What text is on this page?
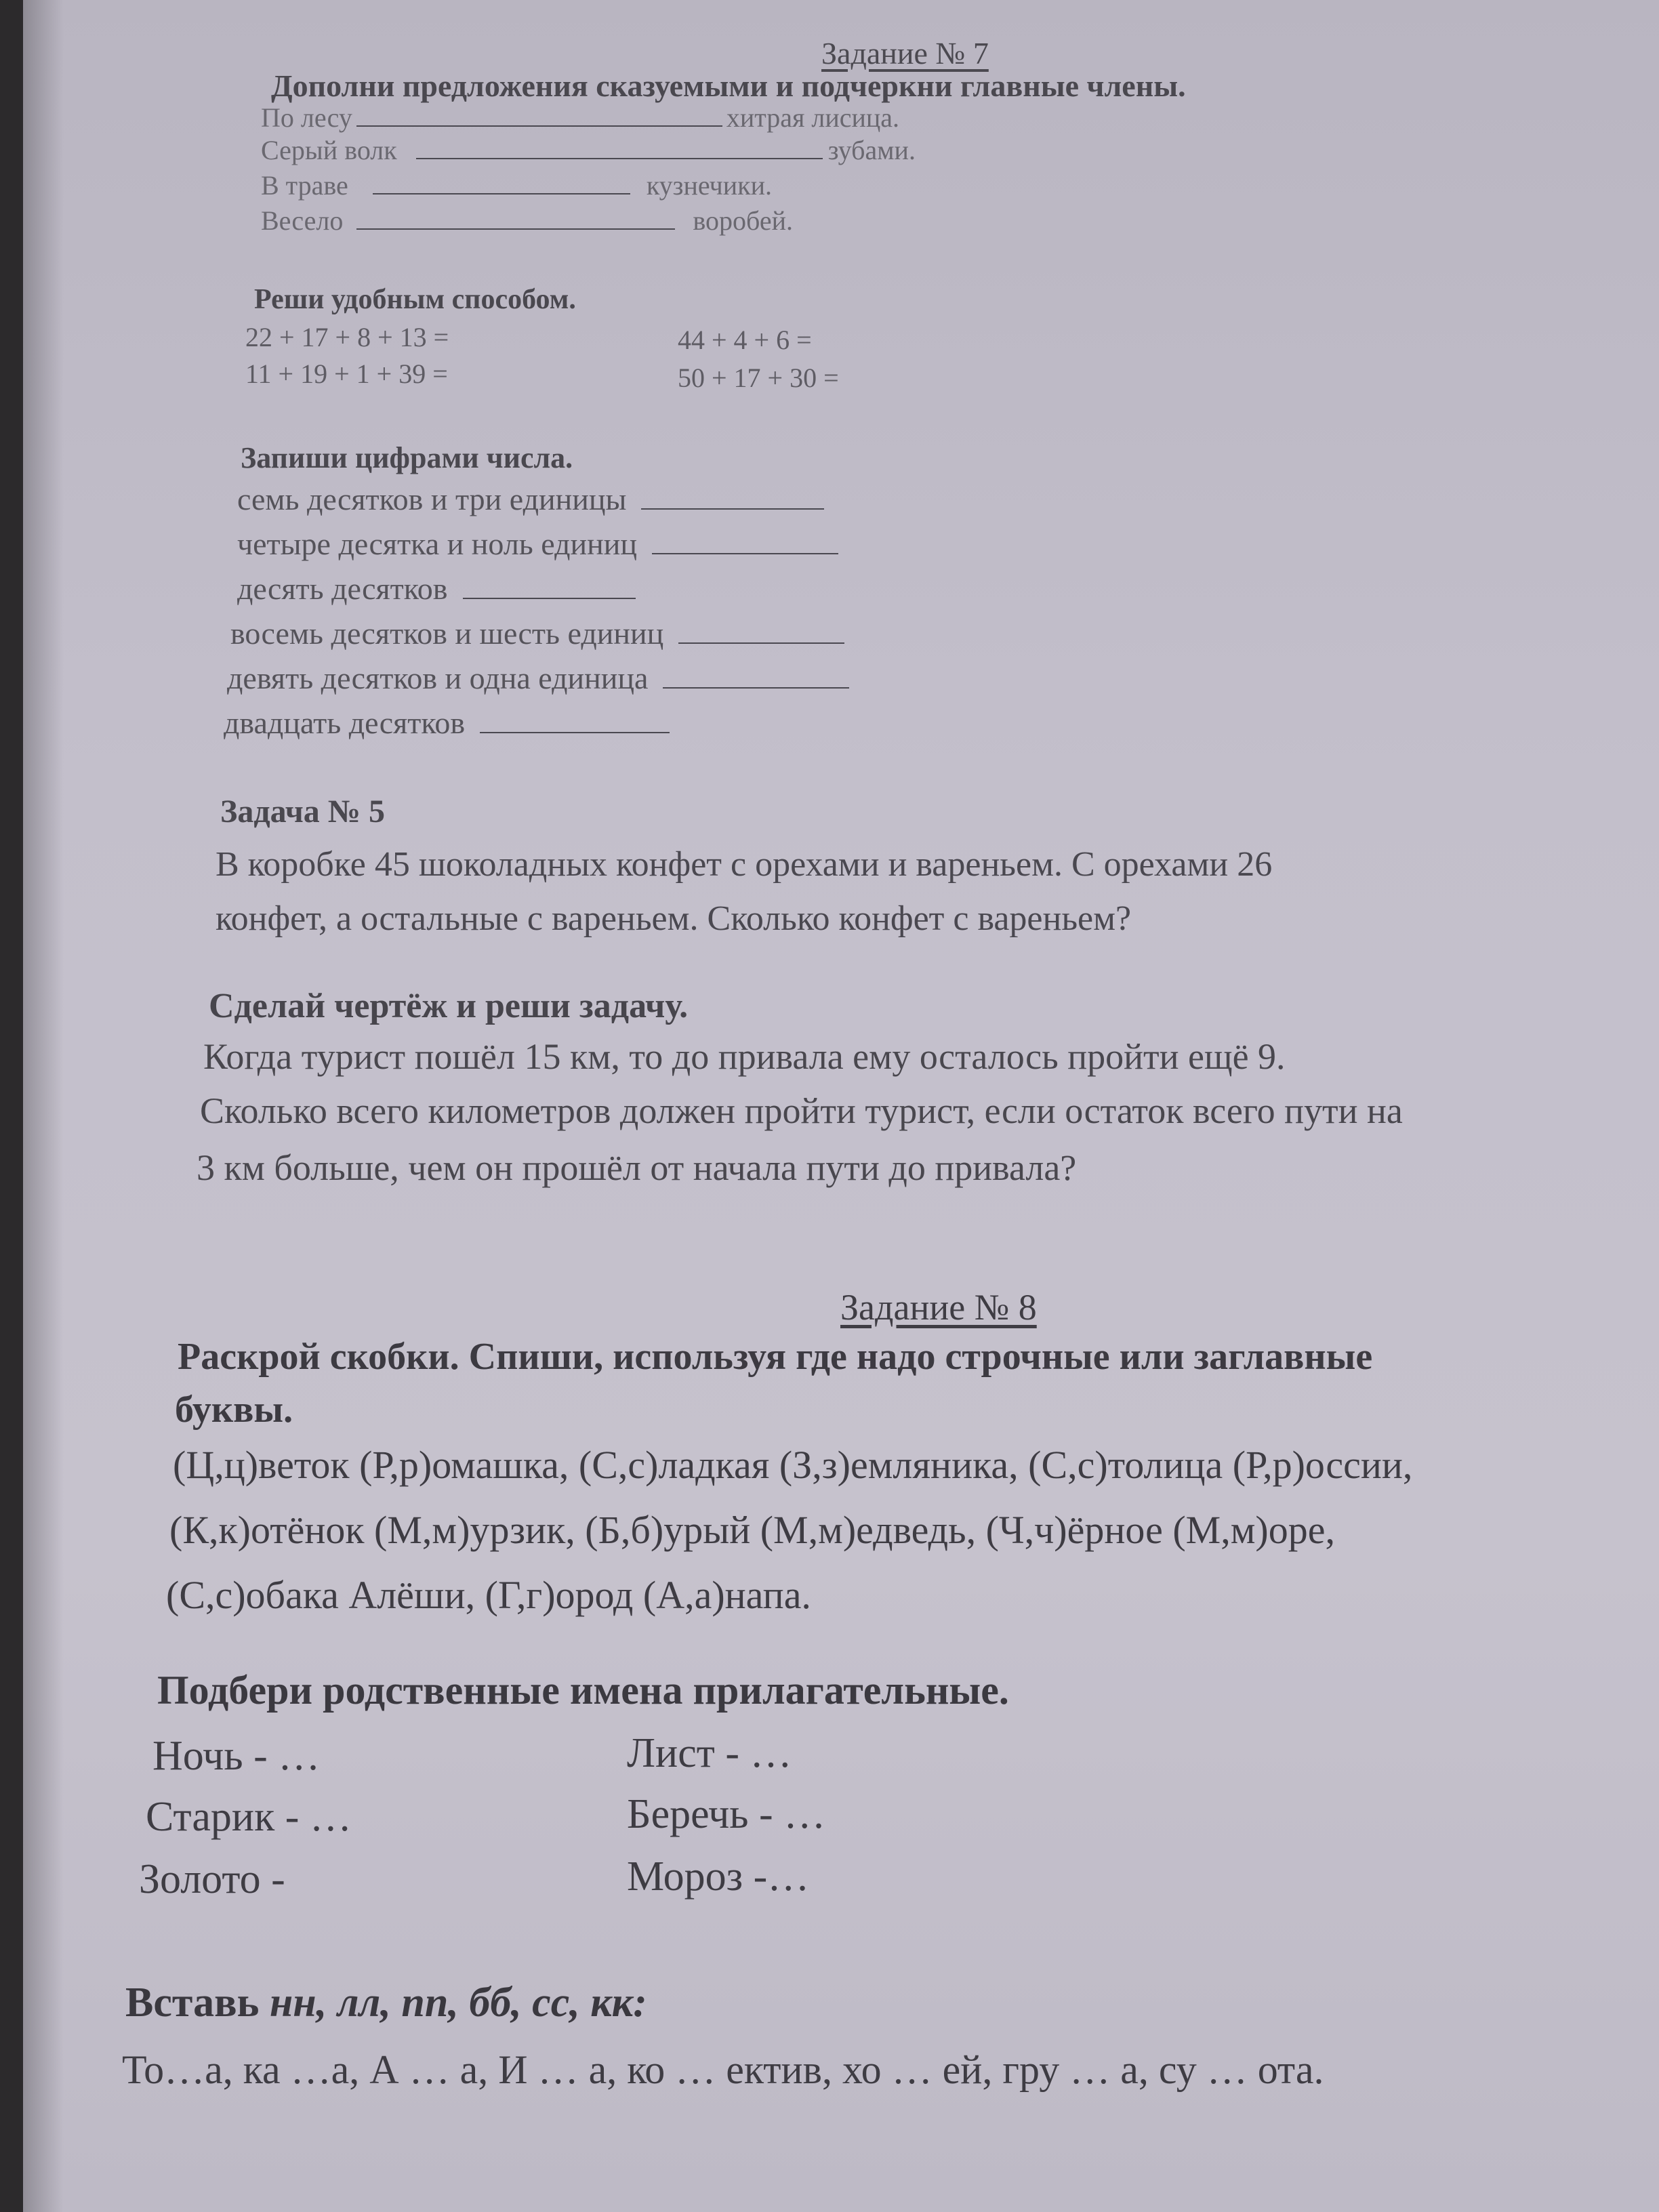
Задание № 7
Дополни предложения сказуемыми и подчеркни главные члены.
По лесу	хитрая лисица.
Серый волк	зубами.
В траве	кузнечики.
Весело	воробей.
Реши удобным способом.
22 + 17 + 8 + 13 =	44 + 4 + 6 =
11 + 19 + 1 + 39 =	50 + 17 + 30 =
Запиши цифрами числа.
семь десятков и три единицы
четыре десятка и ноль единиц
десять десятков
восемь десятков и шесть единиц
девять десятков и одна единица
двадцать десятков
Задача № 5
В коробке 45 шоколадных конфет с орехами и вареньем. С орехами 26
конфет, а остальные с вареньем. Сколько конфет с вареньем?
Сделай чертёж и реши задачу.
Когда турист пошёл 15 км, то до привала ему осталось пройти ещё 9.
Сколько всего километров должен пройти турист, если остаток всего пути на
3 км больше, чем он прошёл от начала пути до привала?
Задание № 8
Раскрой скобки. Спиши, используя где надо строчные или заглавные
буквы.
(Ц,ц)веток (Р,р)омашка, (С,с)ладкая (З,з)емляника, (С,с)толица (Р,р)оссии,
(К,к)отёнок (М,м)урзик, (Б,б)урый (М,м)едведь, (Ч,ч)ёрное (М,м)оре,
(С,с)обака Алёши, (Г,г)ород (А,а)напа.
Подбери родственные имена прилагательные.
Ночь - …	Лист - …
Старик - …	Беречь - …
Золото -	Мороз -…
Вставь нн, лл, пп, бб, сс, кк:
То…а, ка …а, А … а, И … а, ко … ектив, хо … ей, гру … а, су … ота.
